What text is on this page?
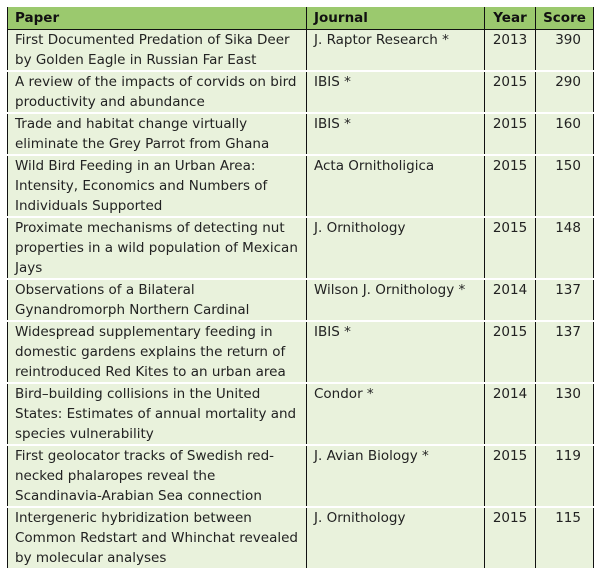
Paper	Journal	Year	Score
First Documented Predation of Sika Deer by Golden Eagle in Russian Far East	J. Raptor Research *	2013	390
A review of the impacts of corvids on bird productivity and abundance	IBIS *	2015	290
Trade and habitat change virtually eliminate the Grey Parrot from Ghana	IBIS *	2015	160
Wild Bird Feeding in an Urban Area: Intensity, Economics and Numbers of Individuals Supported	Acta Ornitholigica	2015	150
Proximate mechanisms of detecting nut properties in a wild population of Mexican Jays	J. Ornithology	2015	148
Observations of a Bilateral Gynandromorph Northern Cardinal	Wilson J. Ornithology *	2014	137
Widespread supplementary feeding in domestic gardens explains the return of reintroduced Red Kites to an urban area	IBIS *	2015	137
Bird–building collisions in the United States: Estimates of annual mortality and species vulnerability	Condor *	2014	130
First geolocator tracks of Swedish red-necked phalaropes reveal the Scandinavia-Arabian Sea connection	J. Avian Biology *	2015	119
Intergeneric hybridization between Common Redstart and Whinchat revealed by molecular analyses	J. Ornithology	2015	115
